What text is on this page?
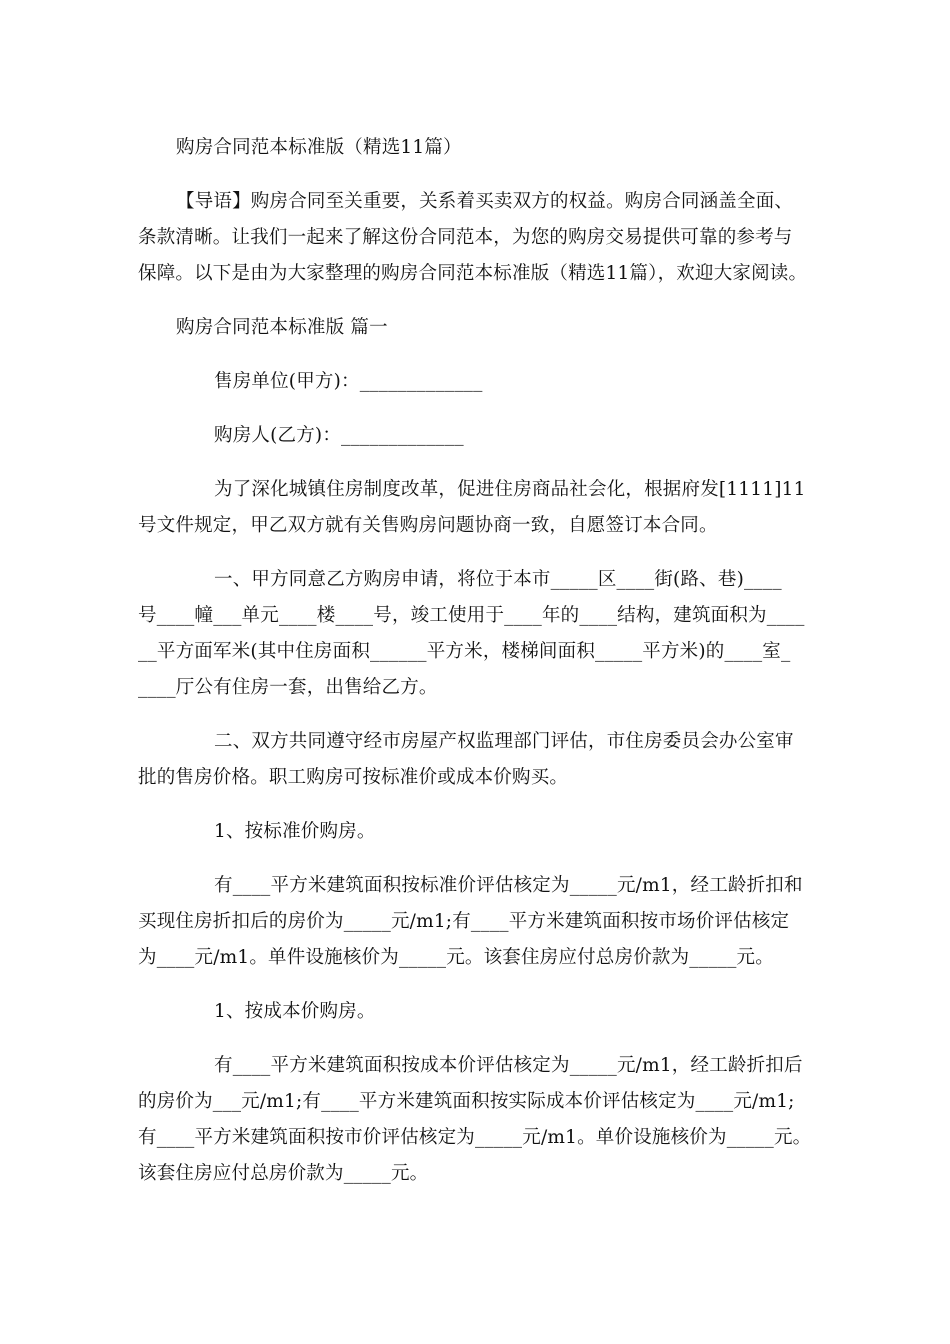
购房合同范本标准版（精选11篇）
【导语】购房合同至关重要，关系着买卖双方的权益。购房合同涵盖全面、
条款清晰。让我们一起来了解这份合同范本，为您的购房交易提供可靠的参考与
保障。以下是由为大家整理的购房合同范本标准版（精选11篇），欢迎大家阅读。
购房合同范本标准版 篇一
售房单位(甲方)：_____________
购房人(乙方)：_____________
为了深化城镇住房制度改革，促进住房商品社会化，根据府发[1111]11
号文件规定，甲乙双方就有关售购房问题协商一致，自愿签订本合同。
一、甲方同意乙方购房申请，将位于本市_____区____街(路、巷)____
号____幢___单元____楼____号，竣工使用于____年的____结构，建筑面积为____
__平方面军米(其中住房面积______平方米，楼梯间面积_____平方米)的____室_
____厅公有住房一套，出售给乙方。
二、双方共同遵守经市房屋产权监理部门评估，市住房委员会办公室审
批的售房价格。职工购房可按标准价或成本价购买。
1、按标准价购房。
有____平方米建筑面积按标准价评估核定为_____元/m1，经工龄折扣和
买现住房折扣后的房价为_____元/m1;有____平方米建筑面积按市场价评估核定
为____元/m1。单件设施核价为_____元。该套住房应付总房价款为_____元。
1、按成本价购房。
有____平方米建筑面积按成本价评估核定为_____元/m1，经工龄折扣后
的房价为___元/m1;有____平方米建筑面积按实际成本价评估核定为____元/m1;
有____平方米建筑面积按市价评估核定为_____元/m1。单价设施核价为_____元。
该套住房应付总房价款为_____元。
